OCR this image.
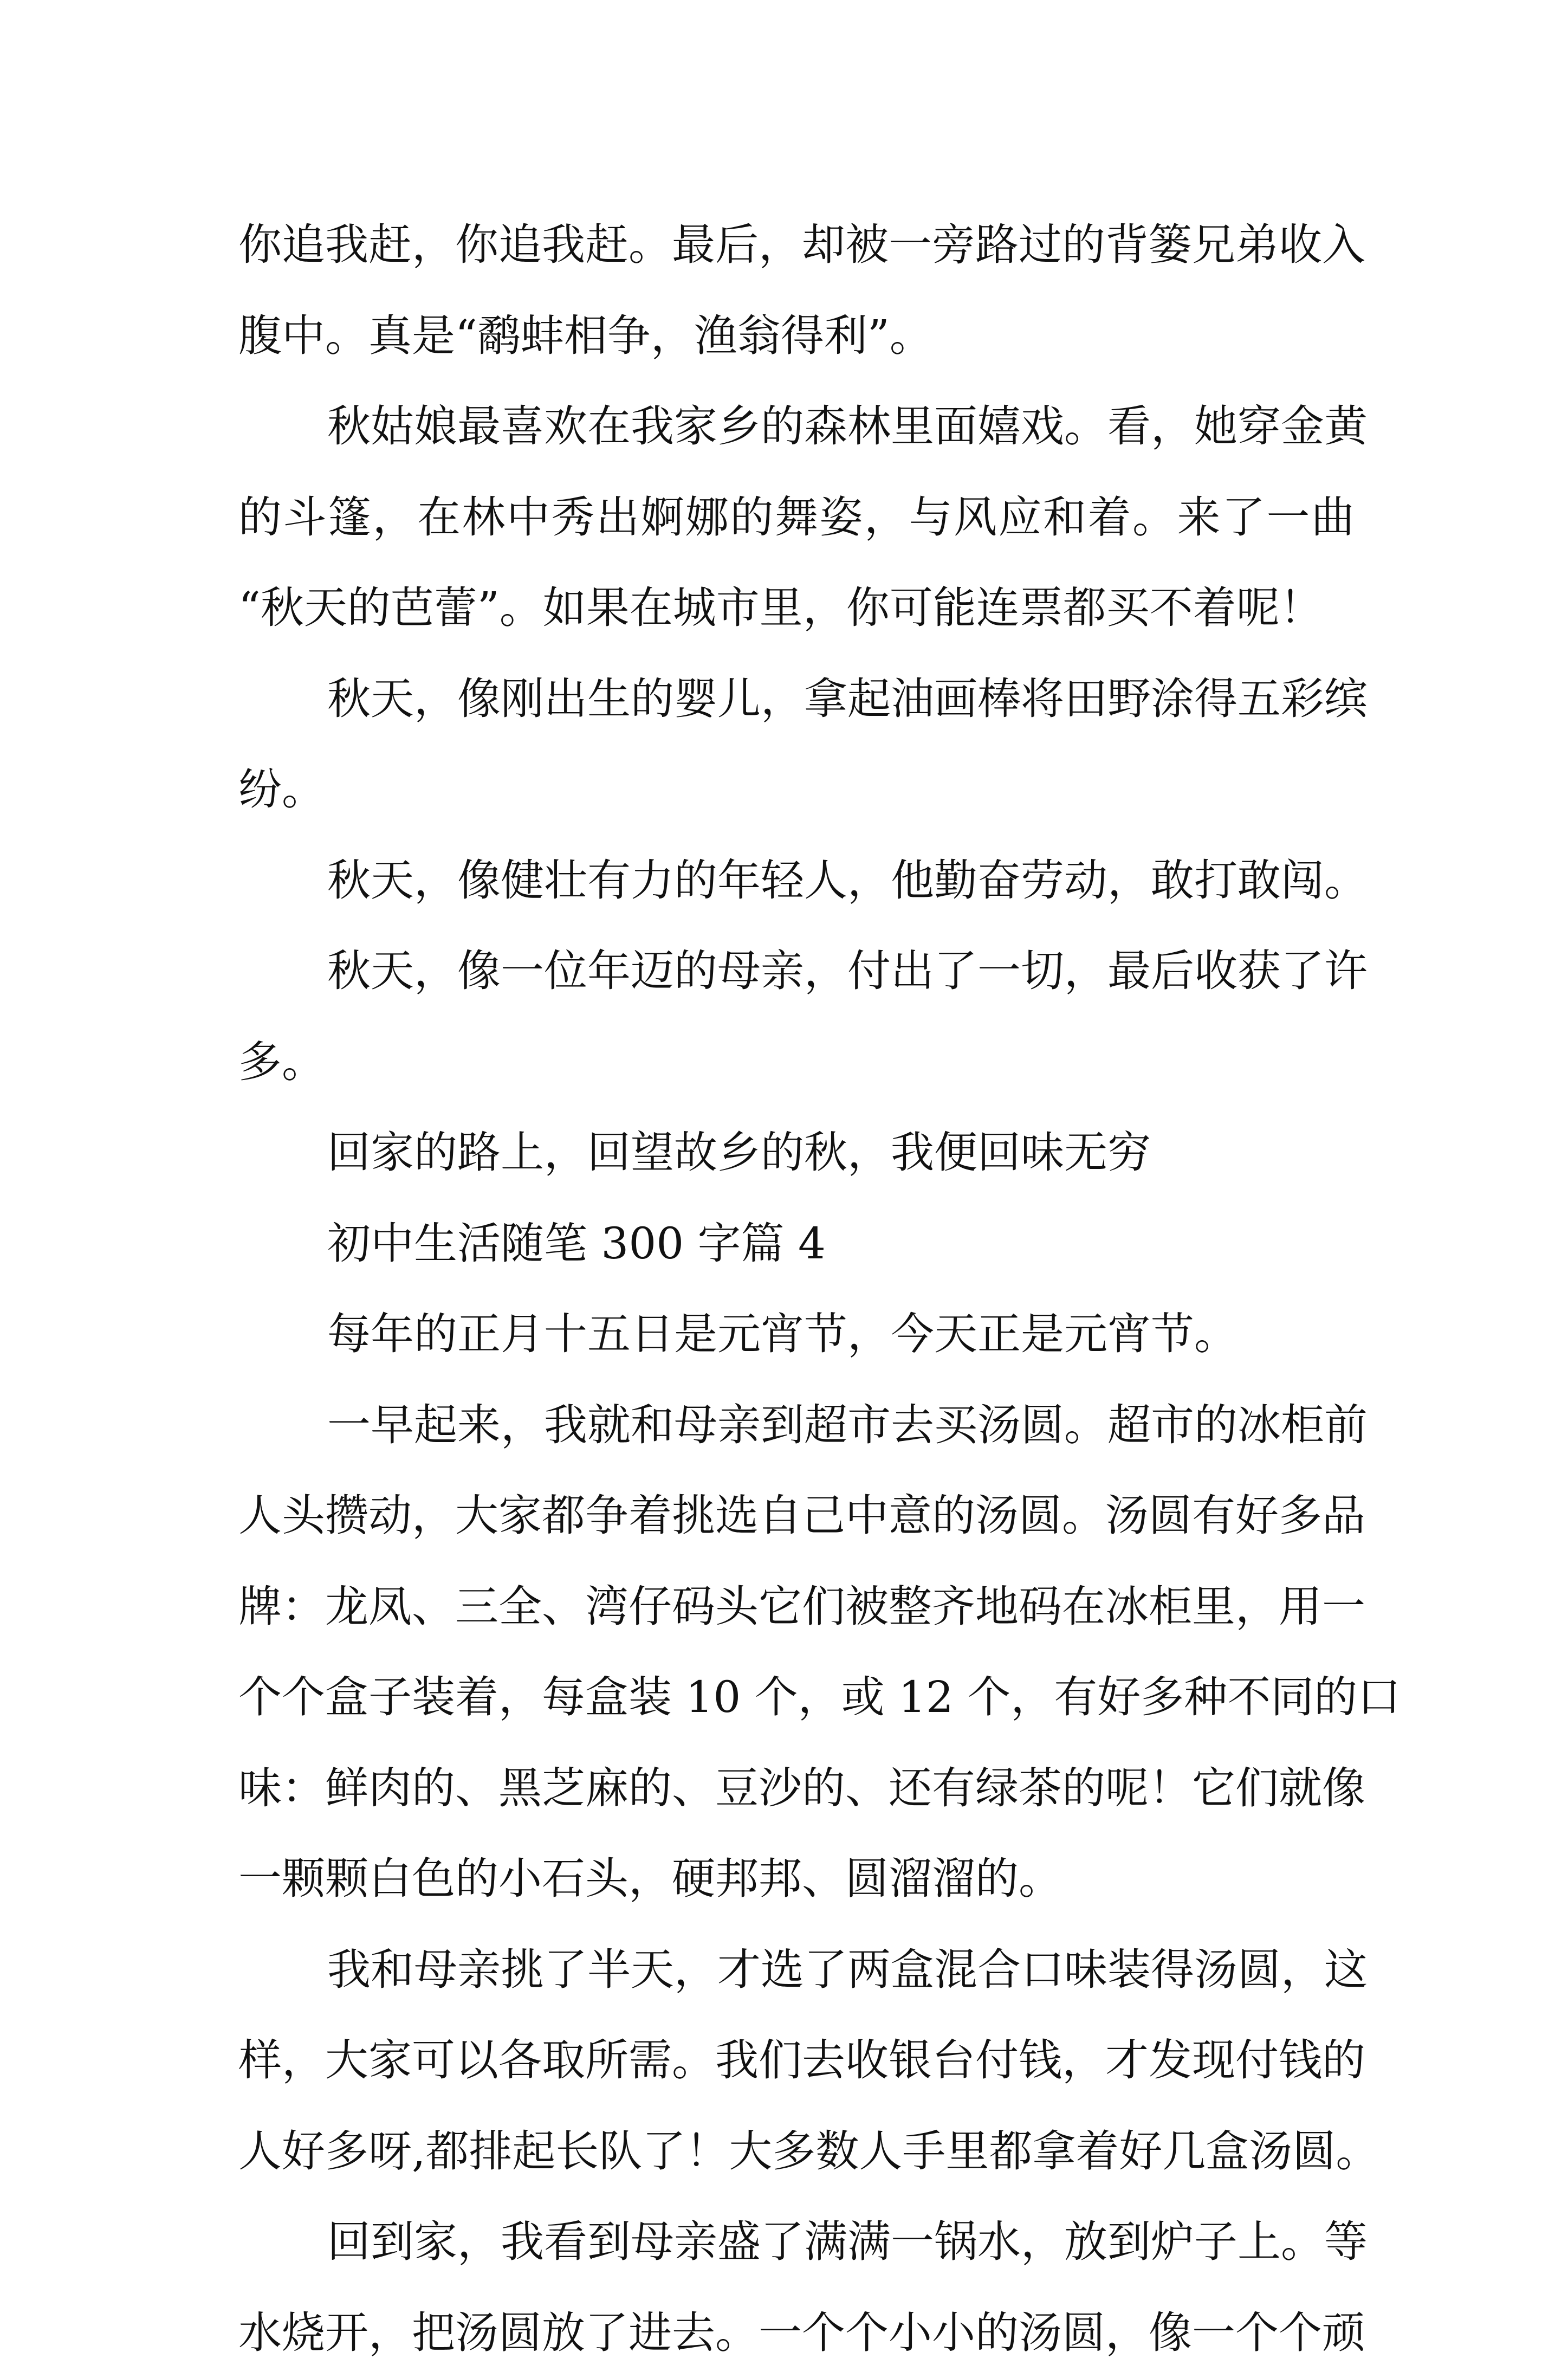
你追我赶，你追我赶。最后，却被一旁路过的背篓兄弟收入
腹中。真是“鹬蚌相争，渔翁得利”。
秋姑娘最喜欢在我家乡的森林里面嬉戏。看，她穿金黄
的斗篷，在林中秀出婀娜的舞姿，与风应和着。来了一曲
“秋天的芭蕾”。如果在城市里，你可能连票都买不着呢！
秋天，像刚出生的婴儿，拿起油画棒将田野涂得五彩缤
纷。
秋天，像健壮有力的年轻人，他勤奋劳动，敢打敢闯。
秋天，像一位年迈的母亲，付出了一切，最后收获了许
多。
回家的路上，回望故乡的秋，我便回味无穷
初中生活随笔 300 字篇 4
每年的正月十五日是元宵节，今天正是元宵节。
一早起来，我就和母亲到超市去买汤圆。超市的冰柜前
人头攒动，大家都争着挑选自己中意的汤圆。汤圆有好多品
牌：龙凤、三全、湾仔码头它们被整齐地码在冰柜里，用一
个个盒子装着，每盒装 10 个，或 12 个，有好多种不同的口
味：鲜肉的、黑芝麻的、豆沙的、还有绿茶的呢！它们就像
一颗颗白色的小石头，硬邦邦、圆溜溜的。
我和母亲挑了半天，才选了两盒混合口味装得汤圆，这
样，大家可以各取所需。我们去收银台付钱，才发现付钱的
人好多呀,都排起长队了！大多数人手里都拿着好几盒汤圆。
回到家，我看到母亲盛了满满一锅水，放到炉子上。等
水烧开，把汤圆放了进去。一个个小小的汤圆，像一个个顽
